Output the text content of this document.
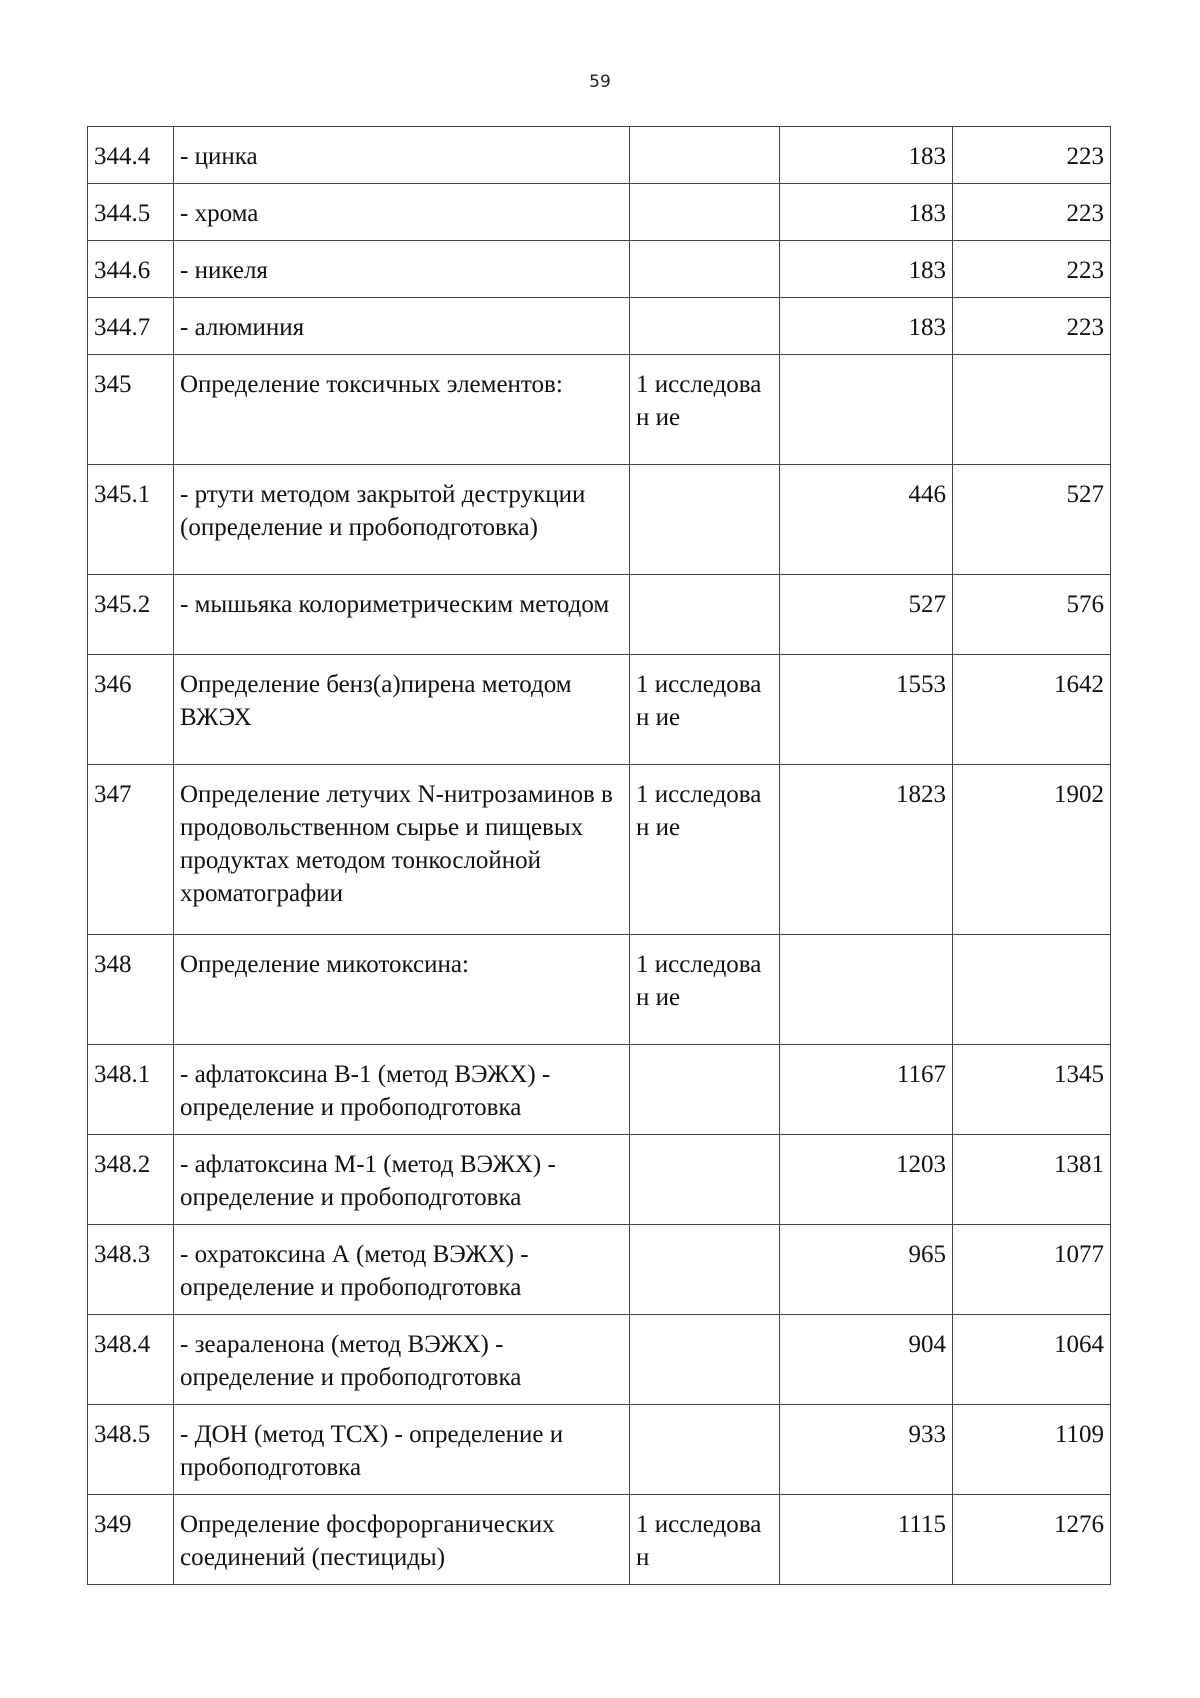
59
344.4	- цинка		183	223
344.5	- хрома		183	223
344.6	- никеля		183	223
344.7	- алюминия		183	223
345	Определение токсичных элементов:	1 исследован ие		
345.1	- ртути методом закрытой деструкции (определение и пробоподготовка)		446	527
345.2	- мышьяка колориметрическим методом		527	576
346	Определение бенз(а)пирена методом ВЖЭХ	1 исследован ие	1553	1642
347	Определение летучих N-нитрозаминов в продовольственном сырье и пищевых продуктах методом тонкослойной хроматографии	1 исследован ие	1823	1902
348	Определение микотоксина:	1 исследован ие		
348.1	- афлатоксина В-1 (метод ВЭЖХ) - определение и пробоподготовка		1167	1345
348.2	- афлатоксина М-1 (метод ВЭЖХ) - определение и пробоподготовка		1203	1381
348.3	- охратоксина А (метод ВЭЖХ) - определение и пробоподготовка		965	1077
348.4	- зеараленона (метод ВЭЖХ) - определение и пробоподготовка		904	1064
348.5	- ДОН (метод ТСХ) - определение и пробоподготовка		933	1109
349	Определение фосфорорганических соединений (пестициды)	1 исследован	1115	1276
